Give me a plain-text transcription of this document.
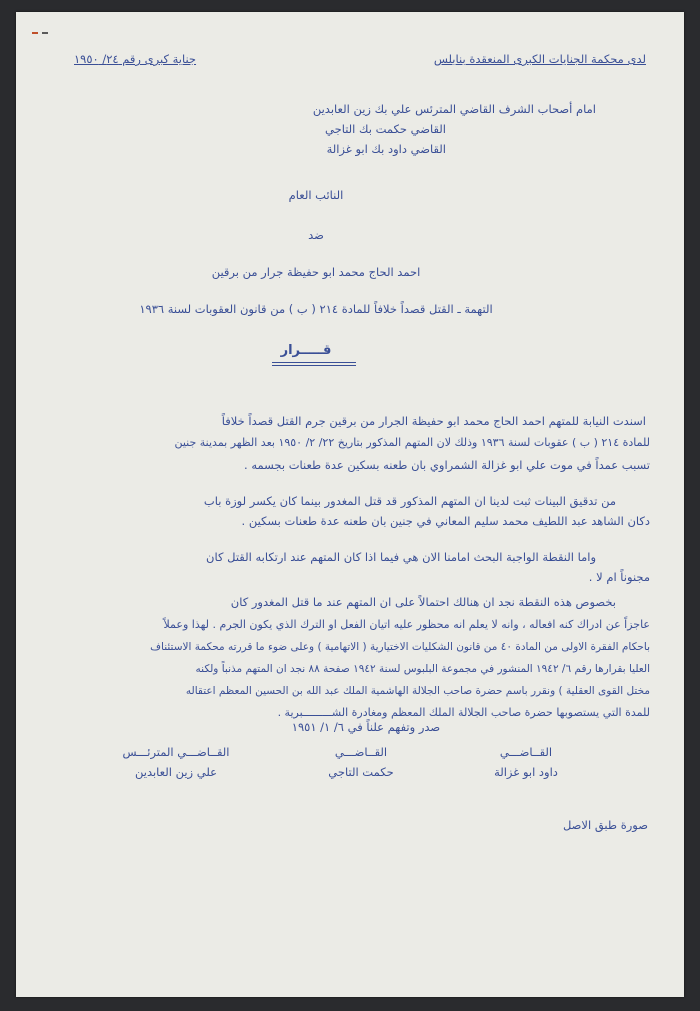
لدى محكمة الجنايات الكبرى المنعقدة بنابلس
جناية كبرى رقم ٢٤/ ١٩٥٠
امام أصحاب الشرف القاضي المترئس علي بك زين العابدين
القاضي حكمت بك التاجي
القاضي داود بك ابو غزالة
النائب العام
ضد
احمد الحاج محمد ابو حفيظة جرار من برقين
التهمة ـ القتل قصداً خلافاً للمادة ٢١٤ ( ب ) من قانون العقوبات لسنة ١٩٣٦
قـــــرار
اسندت النيابة للمتهم احمد الحاج محمد ابو حفيظة الجرار من برقين جرم القتل قصداً خلافاً
للمادة ٢١٤ ( ب ) عقوبات لسنة ١٩٣٦ وذلك لان المتهم المذكور بتاريخ ٢٢/ ٢/ ١٩٥٠ بعد الظهر بمدينة جنين
تسبب عمداً في موت علي ابو غزالة الشمراوي بان طعنه بسكين عدة طعنات بجسمه .
من تدقيق البينات ثبت لدينا ان المتهم المذكور قد قتل المغدور بينما كان يكسر لوزة باب
دكان الشاهد عبد اللطيف محمد سليم المعاني في جنين بان طعنه عدة طعنات بسكين .
واما النقطة الواجبة البحث امامنا الان هي فيما اذا كان المتهم عند ارتكابه القتل كان
مجنوناً ام لا .
بخصوص هذه النقطة نجد ان هنالك احتمالاً على ان المتهم عند ما قتل المغدور كان
عاجزاً عن ادراك كنه افعاله ، وانه لا يعلم انه محظور عليه اتيان الفعل او الترك الذي يكون الجرم . لهذا وعملاً
باحكام الفقرة الاولى من المادة ٤٠ من قانون الشكليات الاختيارية ( الاتهامية ) وعلى ضوء ما قررته محكمة الاستئناف
العليا بقرارها رقم ٦/ ١٩٤٢ المنشور في مجموعة البلبوس لسنة ١٩٤٢ صفحة ٨٨ نجد ان المتهم مذنباً ولكنه
مختل القوى العقلية ) ونقرر باسم حضرة صاحب الجلالة الهاشمية الملك عبد الله بن الحسين المعظم اعتقاله
للمدة التي يستصوبها حضرة صاحب الجلالة الملك المعظم ومغادرة الشـــــــــبرية .
صدر وتفهم علناً في ٦/ ١/ ١٩٥١
القــاضـــي
داود ابو غزالة
القــاضـــي
حكمت التاجي
القــاضـــي المترئـــس
علي زين العابدين
صورة طبق الاصل
